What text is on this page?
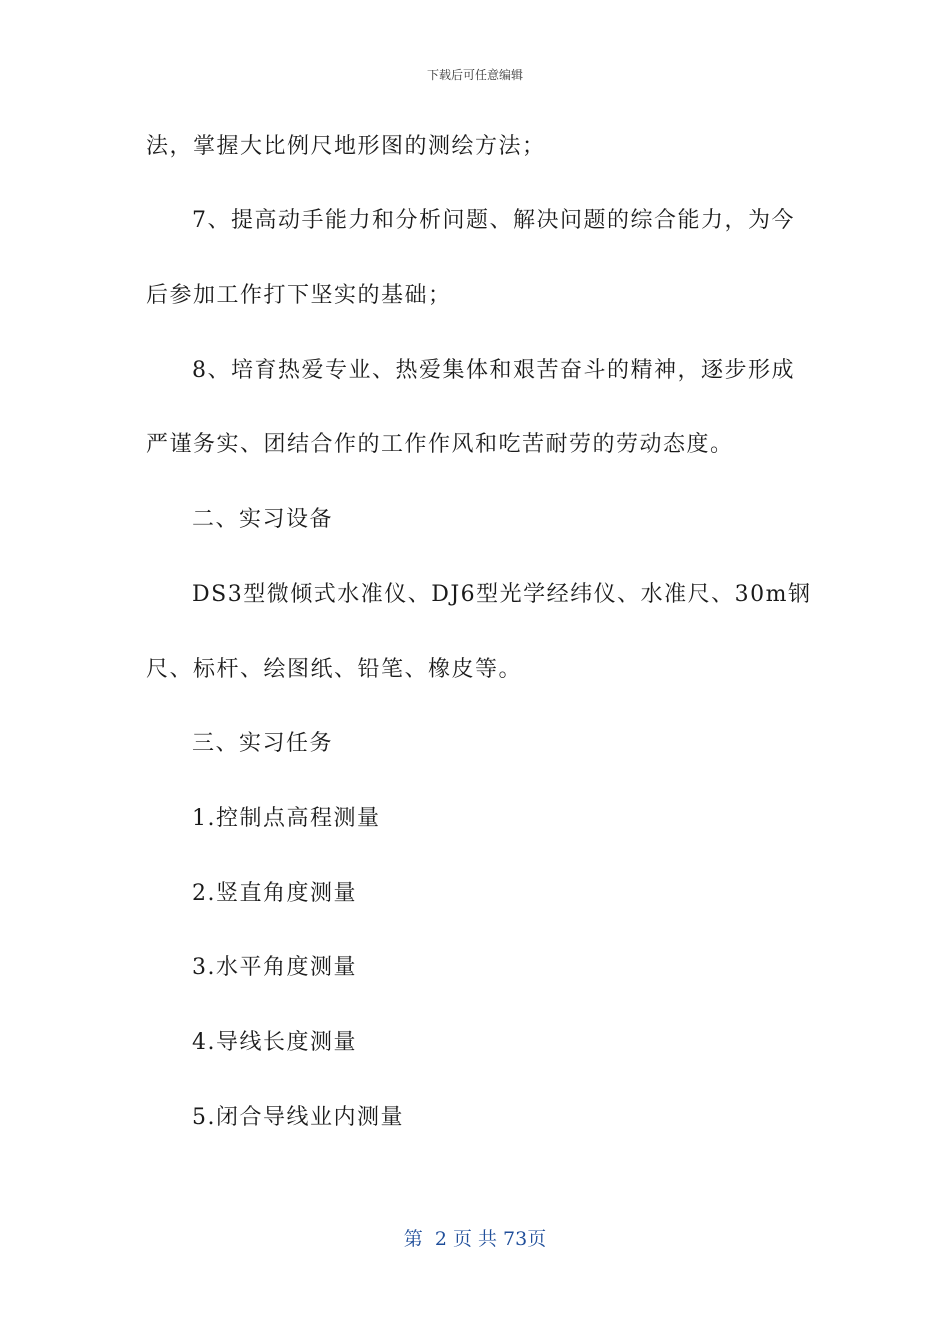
下载后可任意编辑
法，掌握大比例尺地形图的测绘方法；
7、提高动手能力和分析问题、解决问题的综合能力，为今
后参加工作打下坚实的基础；
8、培育热爱专业、热爱集体和艰苦奋斗的精神，逐步形成
严谨务实、团结合作的工作作风和吃苦耐劳的劳动态度。
二、实习设备
DS3型微倾式水准仪、DJ6型光学经纬仪、水准尺、30m钢
尺、标杆、绘图纸、铅笔、橡皮等。
三、实习任务
1.控制点高程测量
2.竖直角度测量
3.水平角度测量
4.导线长度测量
5.闭合导线业内测量
第  2 页 共 73页
